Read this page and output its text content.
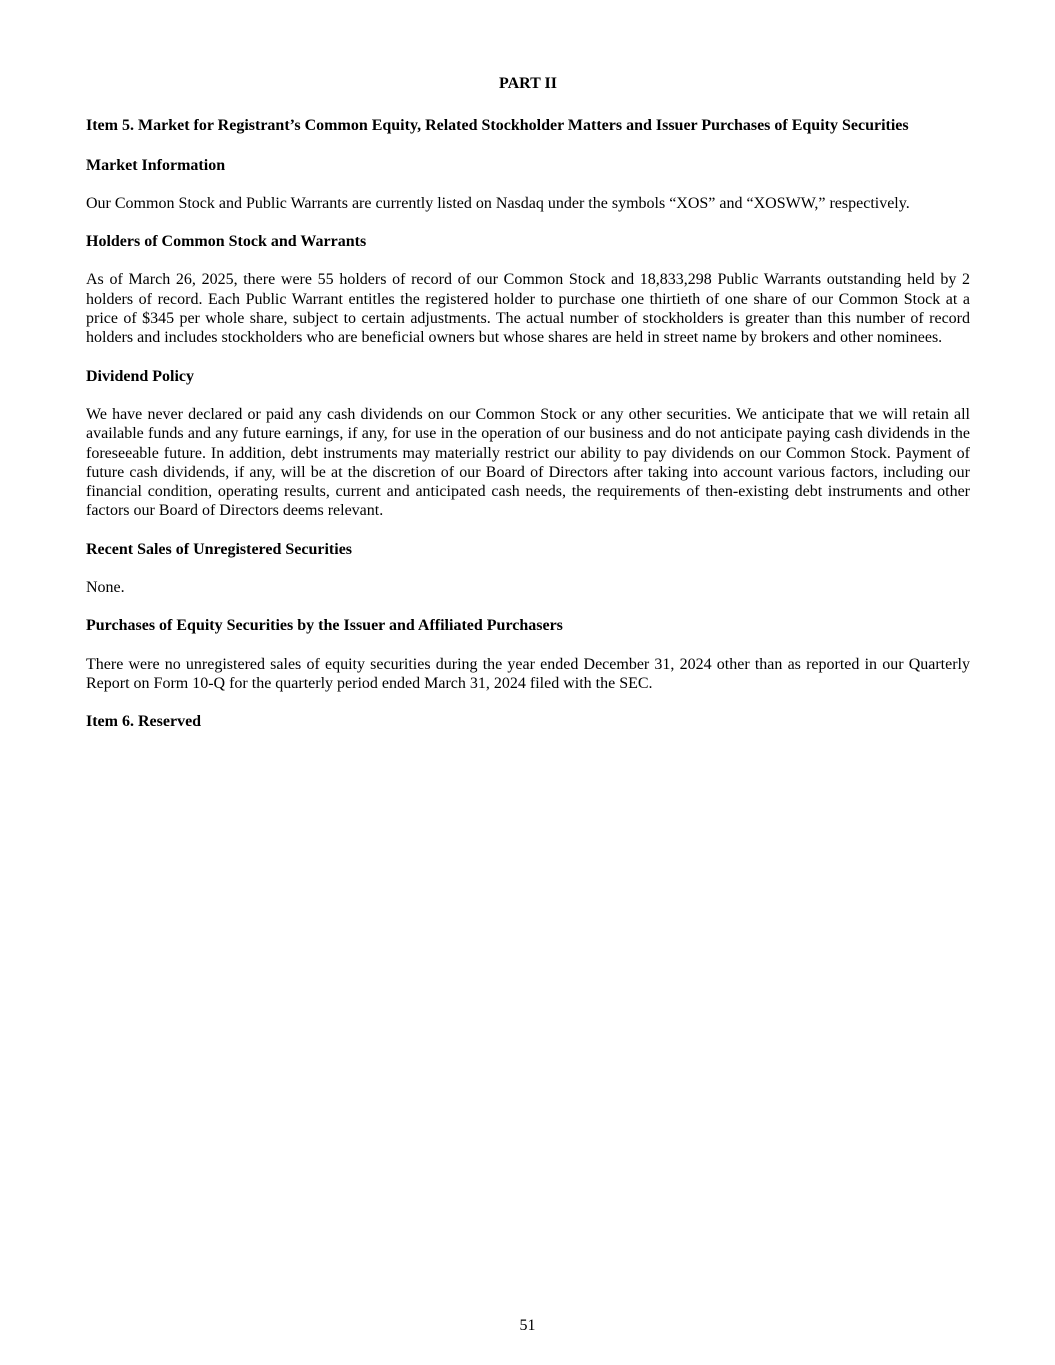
PART II
Item 5. Market for Registrant’s Common Equity, Related Stockholder Matters and Issuer Purchases of Equity Securities
Market Information
Our Common Stock and Public Warrants are currently listed on Nasdaq under the symbols “XOS” and “XOSWW,” respectively.
Holders of Common Stock and Warrants
As of March 26, 2025, there were 55 holders of record of our Common Stock and 18,833,298 Public Warrants outstanding held by 2 holders of record. Each Public Warrant entitles the registered holder to purchase one thirtieth of one share of our Common Stock at a price of $345 per whole share, subject to certain adjustments. The actual number of stockholders is greater than this number of record holders and includes stockholders who are beneficial owners but whose shares are held in street name by brokers and other nominees.
Dividend Policy
We have never declared or paid any cash dividends on our Common Stock or any other securities. We anticipate that we will retain all available funds and any future earnings, if any, for use in the operation of our business and do not anticipate paying cash dividends in the foreseeable future. In addition, debt instruments may materially restrict our ability to pay dividends on our Common Stock. Payment of future cash dividends, if any, will be at the discretion of our Board of Directors after taking into account various factors, including our financial condition, operating results, current and anticipated cash needs, the requirements of then-existing debt instruments and other factors our Board of Directors deems relevant.
Recent Sales of Unregistered Securities
None.
Purchases of Equity Securities by the Issuer and Affiliated Purchasers
There were no unregistered sales of equity securities during the year ended December 31, 2024 other than as reported in our Quarterly Report on Form 10-Q for the quarterly period ended March 31, 2024 filed with the SEC.
Item 6. Reserved
51
